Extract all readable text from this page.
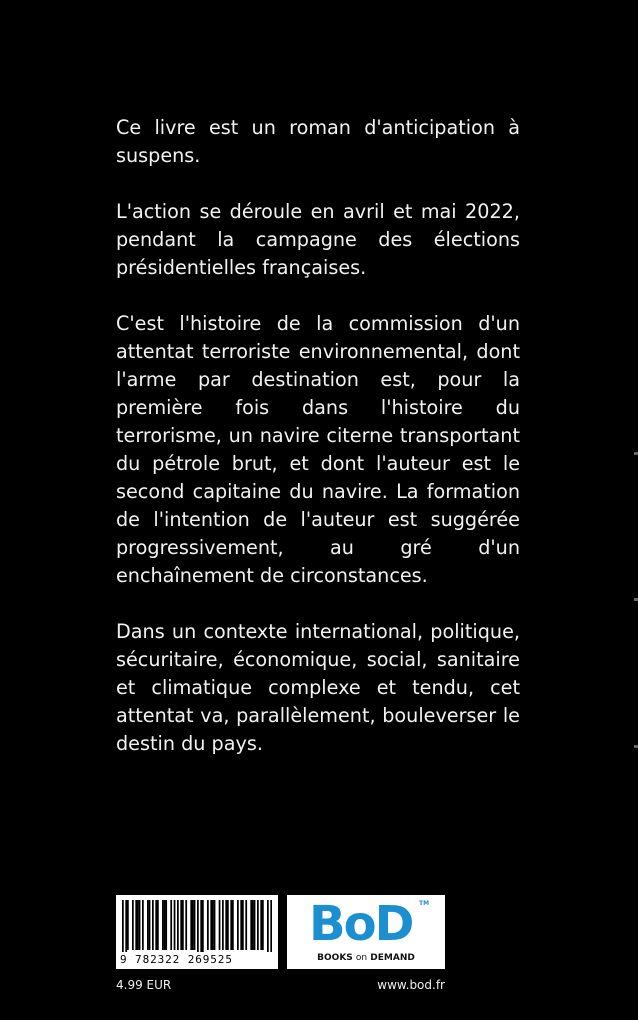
Ce livre est un roman d'anticipation à suspens.

L'action se déroule en avril et mai 2022, pendant la campagne des élections présidentielles françaises.

C'est l'histoire de la commission d'un attentat terroriste environnemental, dont l'arme par destination est, pour la première fois dans l'histoire du terrorisme, un navire citerne transportant du pétrole brut, et dont l'auteur est le second capitaine du navire. La formation de l'intention de l'auteur est suggérée progressivement, au gré d'un enchaînement de circonstances.

Dans un contexte international, politique, sécuritaire, économique, social, sanitaire et climatique complexe et tendu, cet attentat va, parallèlement, bouleverser le destin du pays.

9 782322 269525
BoD TM
BOOKS on DEMAND
4.99 EUR	www.bod.fr
